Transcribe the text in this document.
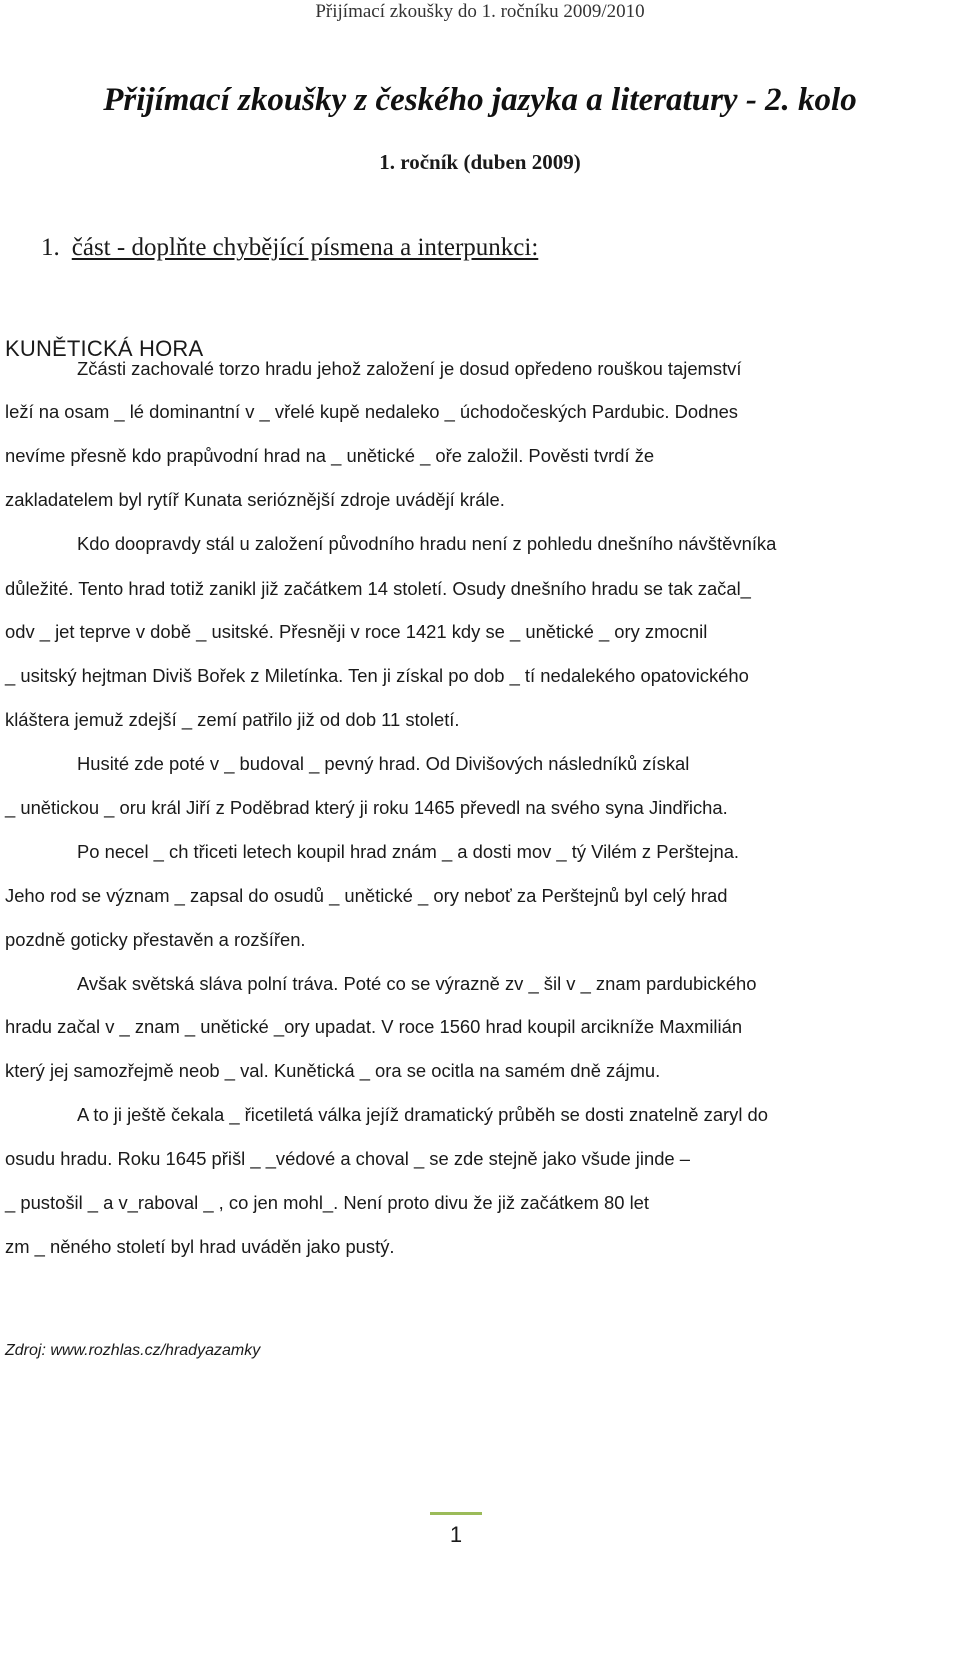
Přijímací zkoušky do 1. ročníku 2009/2010
Přijímací zkoušky z českého jazyka a literatury - 2. kolo
1. ročník (duben 2009)
1. část - doplňte chybějící písmena a interpunkci:
KUNĚTICKÁ HORA
Zčásti zachovalé torzo hradu jehož založení je dosud opředeno rouškou tajemství
leží na osam _ lé dominantní v _ vřelé kupě nedaleko _ úchodočeských Pardubic. Dodnes
nevíme přesně kdo prapůvodní hrad na _ unětické _ oře založil. Pověsti tvrdí že
zakladatelem byl rytíř Kunata serióznější zdroje uvádějí krále.
Kdo doopravdy stál u založení původního hradu není z pohledu dnešního návštěvníka
důležité. Tento hrad totiž zanikl již začátkem 14 století. Osudy dnešního hradu se tak začal_
odv _ jet teprve v době _ usitské. Přesněji v roce 1421 kdy se _ unětické _ ory zmocnil
_ usitský hejtman Diviš Bořek z Miletínka. Ten ji získal po dob _ tí nedalekého opatovického
kláštera jemuž zdejší _ zemí patřilo již od dob 11 století.
Husité zde poté v _ budoval _ pevný hrad. Od Divišových následníků získal
_ unětickou _ oru král Jiří z Poděbrad který ji roku 1465 převedl na svého syna Jindřicha.
Po necel _ ch třiceti letech koupil hrad znám _ a dosti mov _ tý Vilém z Perštejna.
Jeho rod se význam _ zapsal do osudů _ unětické _ ory neboť za Perštejnů byl celý hrad
pozdně goticky přestavěn a rozšířen.
Avšak světská sláva polní tráva. Poté co se výrazně zv _ šil v _ znam pardubického
hradu začal v _ znam _ unětické _ory upadat. V roce 1560 hrad koupil arcikníže Maxmilián
který jej samozřejmě neob _ val. Kunětická _ ora se ocitla na samém dně zájmu.
A to ji ještě čekala _ řicetiletá válka jejíž dramatický průběh se dosti znatelně zaryl do
osudu hradu. Roku 1645 přišl _ _védové a choval _ se zde stejně jako všude jinde –
_ pustošil _ a v_raboval _ , co jen mohl_. Není proto divu že již začátkem 80 let
zm _ něného století byl hrad uváděn jako pustý.
Zdroj: www.rozhlas.cz/hradyazamky
1
